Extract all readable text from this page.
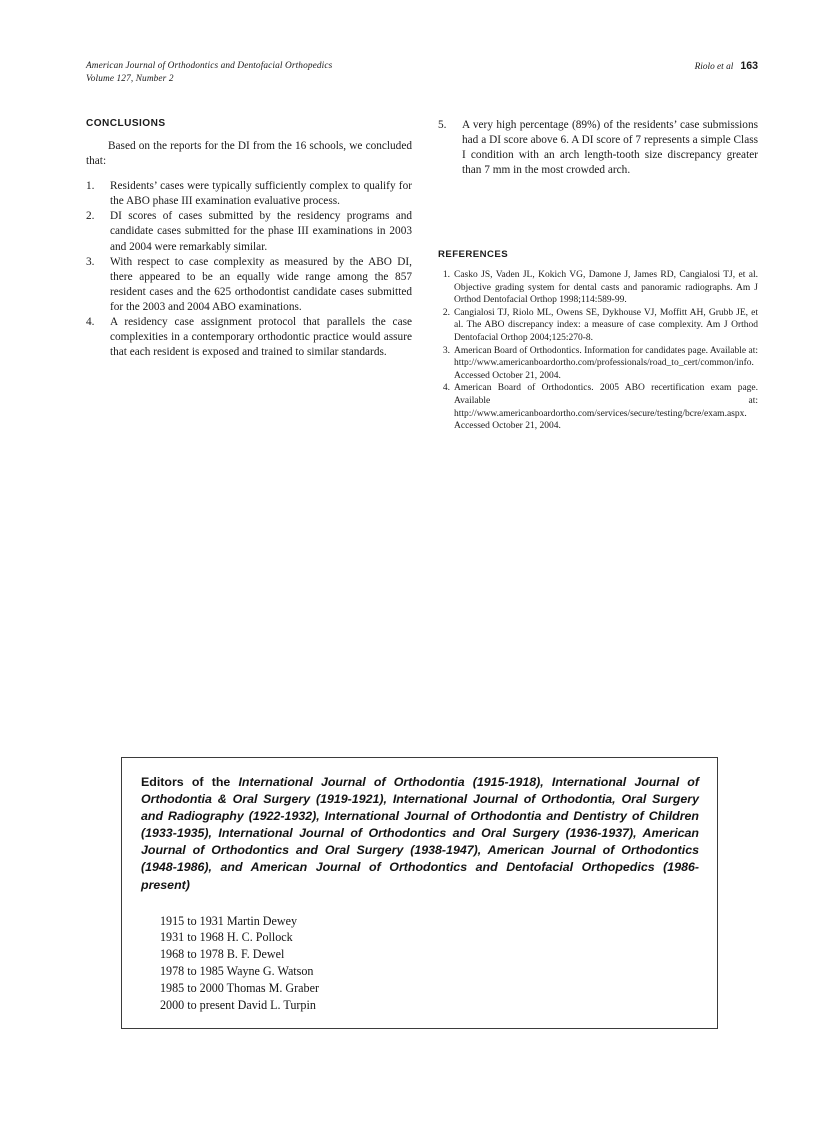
American Journal of Orthodontics and Dentofacial Orthopedics
Volume 127, Number 2
Riolo et al 163
CONCLUSIONS

Based on the reports for the DI from the 16 schools, we concluded that:

1.	Residents’ cases were typically sufficiently complex to qualify for the ABO phase III examination evaluative process.
2.	DI scores of cases submitted by the residency programs and candidate cases submitted for the phase III examinations in 2003 and 2004 were remarkably similar.
3.	With respect to case complexity as measured by the ABO DI, there appeared to be an equally wide range among the 857 resident cases and the 625 orthodontist candidate cases submitted for the 2003 and 2004 ABO examinations.
4.	A residency case assignment protocol that parallels the case complexities in a contemporary orthodontic practice would assure that each resident is exposed and trained to similar standards.
5.	A very high percentage (89%) of the residents’ case submissions had a DI score above 6. A DI score of 7 represents a simple Class I condition with an arch length-tooth size discrepancy greater than 7 mm in the most crowded arch.
REFERENCES
1. Casko JS, Vaden JL, Kokich VG, Damone J, James RD, Cangialosi TJ, et al. Objective grading system for dental casts and panoramic radiographs. Am J Orthod Dentofacial Orthop 1998;114:589-99.
2. Cangialosi TJ, Riolo ML, Owens SE, Dykhouse VJ, Moffitt AH, Grubb JE, et al. The ABO discrepancy index: a measure of case complexity. Am J Orthod Dentofacial Orthop 2004;125:270-8.
3. American Board of Orthodontics. Information for candidates page. Available at: http://www.americanboardortho.com/professionals/road_to_cert/common/info. Accessed October 21, 2004.
4. American Board of Orthodontics. 2005 ABO recertification exam page. Available at: http://www.americanboardortho.com/services/secure/testing/bcre/exam.aspx. Accessed October 21, 2004.

Editors of the International Journal of Orthodontia (1915-1918), International Journal of Orthodontia & Oral Surgery (1919-1921), International Journal of Orthodontia, Oral Surgery and Radiography (1922-1932), International Journal of Orthodontia and Dentistry of Children (1933-1935), International Journal of Orthodontics and Oral Surgery (1936-1937), American Journal of Orthodontics and Oral Surgery (1938-1947), American Journal of Orthodontics (1948-1986), and American Journal of Orthodontics and Dentofacial Orthopedics (1986-present)

1915 to 1931 Martin Dewey
1931 to 1968 H. C. Pollock
1968 to 1978 B. F. Dewel
1978 to 1985 Wayne G. Watson
1985 to 2000 Thomas M. Graber
2000 to present David L. Turpin
